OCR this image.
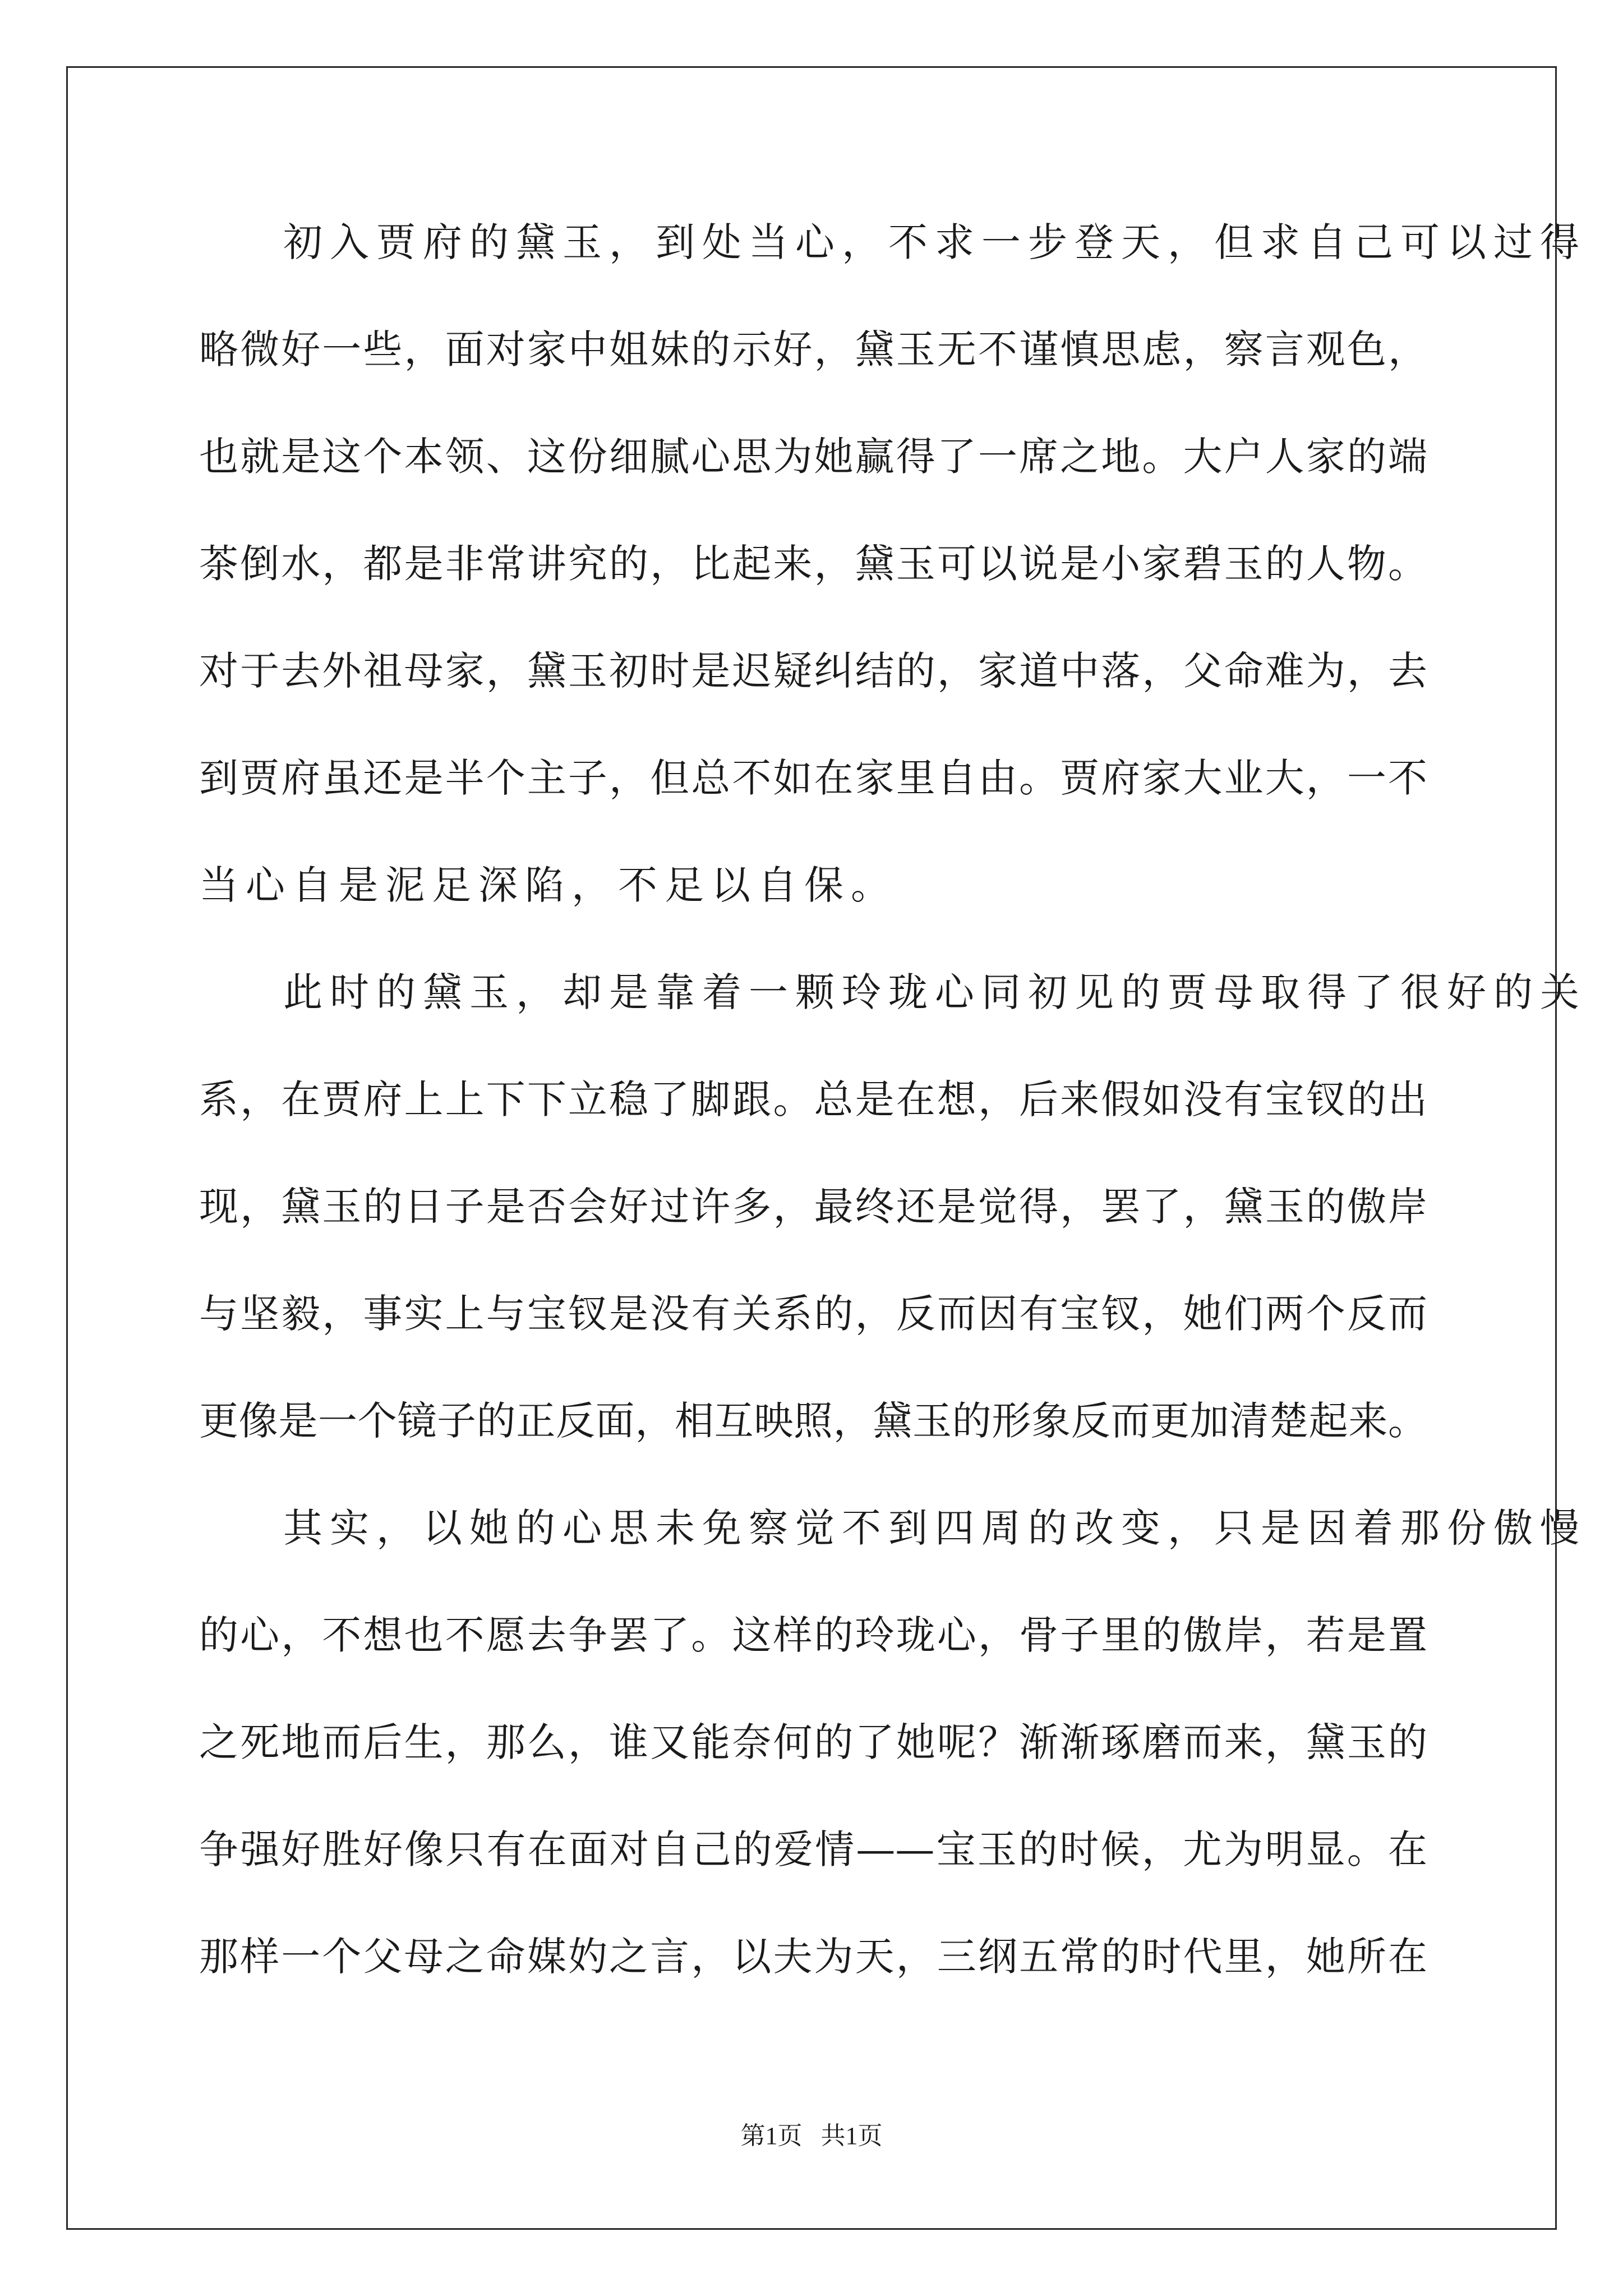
初入贾府的黛玉，到处当心，不求一步登天，但求自己可以过得
略微好一些，面对家中姐妹的示好，黛玉无不谨慎思虑，察言观色，
也就是这个本领、这份细腻心思为她赢得了一席之地。大户人家的端
茶倒水，都是非常讲究的，比起来，黛玉可以说是小家碧玉的人物。
对于去外祖母家，黛玉初时是迟疑纠结的，家道中落，父命难为，去
到贾府虽还是半个主子，但总不如在家里自由。贾府家大业大，一不
当心自是泥足深陷，不足以自保。
此时的黛玉，却是靠着一颗玲珑心同初见的贾母取得了很好的关
系，在贾府上上下下立稳了脚跟。总是在想，后来假如没有宝钗的出
现，黛玉的日子是否会好过许多，最终还是觉得，罢了，黛玉的傲岸
与坚毅，事实上与宝钗是没有关系的，反而因有宝钗，她们两个反而
更像是一个镜子的正反面，相互映照，黛玉的形象反而更加清楚起来。
其实，以她的心思未免察觉不到四周的改变，只是因着那份傲慢
的心，不想也不愿去争罢了。这样的玲珑心，骨子里的傲岸，若是置
之死地而后生，那么，谁又能奈何的了她呢？渐渐琢磨而来，黛玉的
争强好胜好像只有在面对自己的爱情——宝玉的时候，尤为明显。在
那样一个父母之命媒妁之言，以夫为天，三纲五常的时代里，她所在
第1页   共1页
